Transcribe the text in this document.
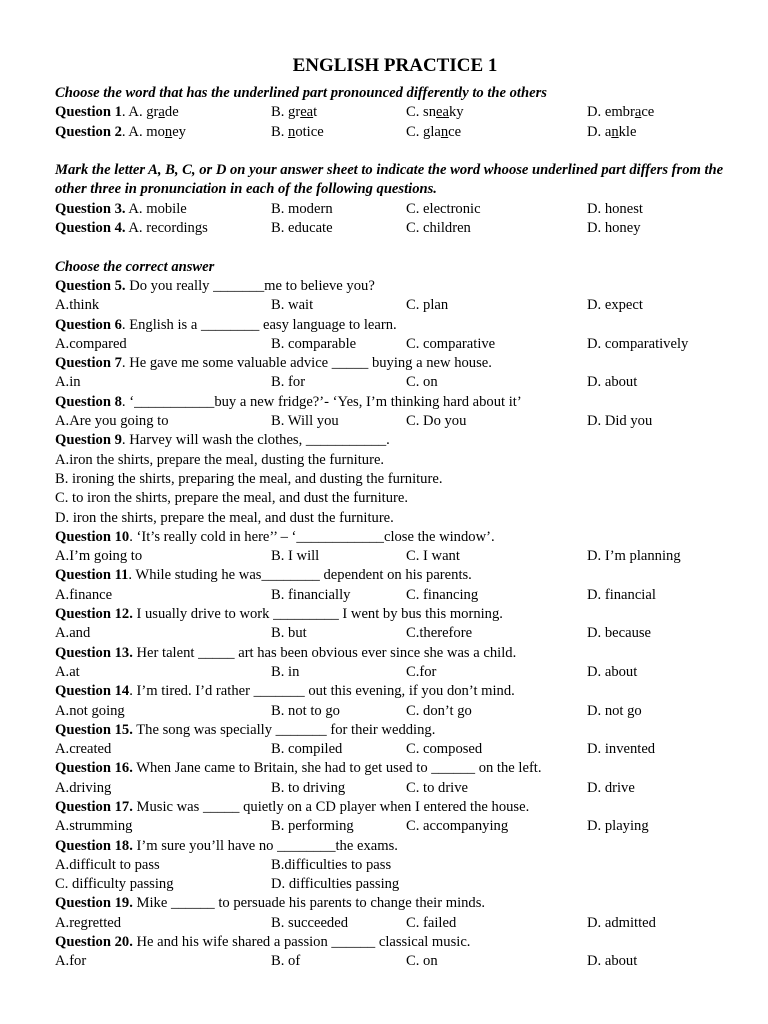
ENGLISH PRACTICE 1
Choose the word that has the underlined part pronounced differently to the others
Question 1. A. grade	B. great	C. sneaky	D. embrace
Question 2. A. money	B. notice	C. glance	D. ankle
Mark the letter A, B, C, or D on your answer sheet to indicate the word whoose underlined part differs from the other three in pronunciation in each of the following questions.
Question 3. A. mobile	B. modern	C. electronic	D. honest
Question 4. A. recordings	B. educate	C. children	D. honey
Choose the correct answer
Question 5. Do you really _______me to believe you?
A.think	B. wait	C. plan	D. expect
Question 6. English is a ________ easy language to learn.
A.compared	B. comparable	C. comparative	D. comparatively
Question 7. He gave me some valuable advice _____ buying a new house.
A.in	B. for	C. on	D. about
Question 8. ‘___________buy a new fridge?’- ‘Yes, I’m thinking hard about it’
A.Are you going to	B. Will you	C. Do you	D. Did you
Question 9. Harvey will wash the clothes, ___________.
A.iron the shirts, prepare the meal, dusting the furniture.
B. ironing the shirts, preparing the meal, and dusting the furniture.
C. to iron the shirts, prepare the meal, and dust the furniture.
D. iron the shirts, prepare the meal, and dust the furniture.
Question 10. ‘It’s really cold in here’’ – ‘____________close the window’.
A.I’m going to	B. I will	C. I want	D. I’m planning
Question 11. While studing he was________ dependent on his parents.
A.finance	B. financially	C. financing	D. financial
Question 12. I usually drive to work _________ I went by bus this morning.
A.and	B. but	C.therefore	D. because
Question 13. Her talent _____ art has been obvious ever since she was a child.
A.at	B. in	C.for	D. about
Question 14. I’m tired. I’d rather _______ out this evening, if you don’t mind.
A.not going	B. not to go	C. don’t go	D. not go
Question 15. The song was specially _______ for their wedding.
A.created	B. compiled	C. composed	D. invented
Question 16. When Jane came to Britain, she had to get used to ______ on the left.
A.driving	B. to driving	C. to drive	D. drive
Question 17. Music was _____ quietly on a CD player when I entered the house.
A.strumming	B. performing	C. accompanying	D. playing
Question 18. I’m sure you’ll have no ________the exams.
A.difficult to pass	B.difficulties to pass
C. difficulty passing	D. difficulties passing
Question 19. Mike ______ to persuade his parents to change their minds.
A.regretted	B. succeeded	C. failed	D. admitted
Question 20. He and his wife shared a passion ______ classical music.
A.for	B. of	C. on	D. about
